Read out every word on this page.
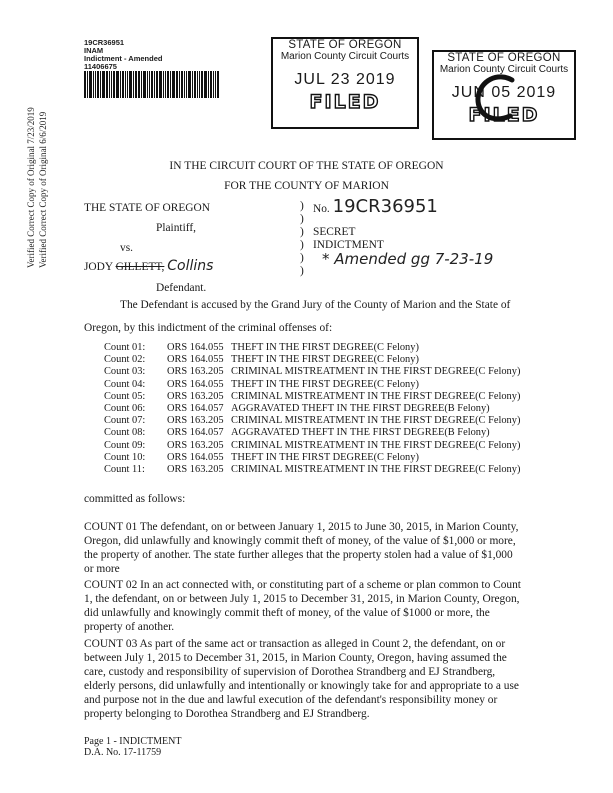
Verified Correct Copy of Original 7/23/2019 Verified Correct Copy of Original 6/6/2019
19CR36951
INAM
Indictment - Amended
11406675
STATE OF OREGON
Marion County Circuit Courts
JUL 23 2019
FILED
STATE OF OREGON
Marion County Circuit Courts
JUN 05 2019
FILED
IN THE CIRCUIT COURT OF THE STATE OF OREGON
FOR THE COUNTY OF MARION
THE STATE OF OREGON
Plaintiff,
vs.
JODY GILLETT, Collins
Defendant.
)
)
)
)
)
)
No. 19CR36951
SECRET
INDICTMENT
* Amended gg 7-23-19
The Defendant is accused by the Grand Jury of the County of Marion and the State of
Oregon, by this indictment of the criminal offenses of:
Count 01: ORS 164.055 THEFT IN THE FIRST DEGREE(C Felony)
Count 02: ORS 164.055 THEFT IN THE FIRST DEGREE(C Felony)
Count 03: ORS 163.205 CRIMINAL MISTREATMENT IN THE FIRST DEGREE(C Felony)
Count 04: ORS 164.055 THEFT IN THE FIRST DEGREE(C Felony)
Count 05: ORS 163.205 CRIMINAL MISTREATMENT IN THE FIRST DEGREE(C Felony)
Count 06: ORS 164.057 AGGRAVATED THEFT IN THE FIRST DEGREE(B Felony)
Count 07: ORS 163.205 CRIMINAL MISTREATMENT IN THE FIRST DEGREE(C Felony)
Count 08: ORS 164.057 AGGRAVATED THEFT IN THE FIRST DEGREE(B Felony)
Count 09: ORS 163.205 CRIMINAL MISTREATMENT IN THE FIRST DEGREE(C Felony)
Count 10: ORS 164.055 THEFT IN THE FIRST DEGREE(C Felony)
Count 11: ORS 163.205 CRIMINAL MISTREATMENT IN THE FIRST DEGREE(C Felony)
committed as follows:
COUNT 01 The defendant, on or between January 1, 2015 to June 30, 2015, in Marion County,
Oregon, did unlawfully and knowingly commit theft of money, of the value of $1,000 or more,
the property of another. The state further alleges that the property stolen had a value of $1,000
or more
COUNT 02 In an act connected with, or constituting part of a scheme or plan common to Count
1, the defendant, on or between July 1, 2015 to December 31, 2015, in Marion County, Oregon,
did unlawfully and knowingly commit theft of money, of the value of $1000 or more, the
property of another.
COUNT 03 As part of the same act or transaction as alleged in Count 2, the defendant, on or
between July 1, 2015 to December 31, 2015, in Marion County, Oregon, having assumed the
care, custody and responsibility of supervision of Dorothea Strandberg and EJ Strandberg,
elderly persons, did unlawfully and intentionally or knowingly take for and appropriate to a use
and purpose not in the due and lawful execution of the defendant's responsibility money or
property belonging to Dorothea Strandberg and EJ Strandberg.
Page 1 - INDICTMENT
D.A. No. 17-11759
